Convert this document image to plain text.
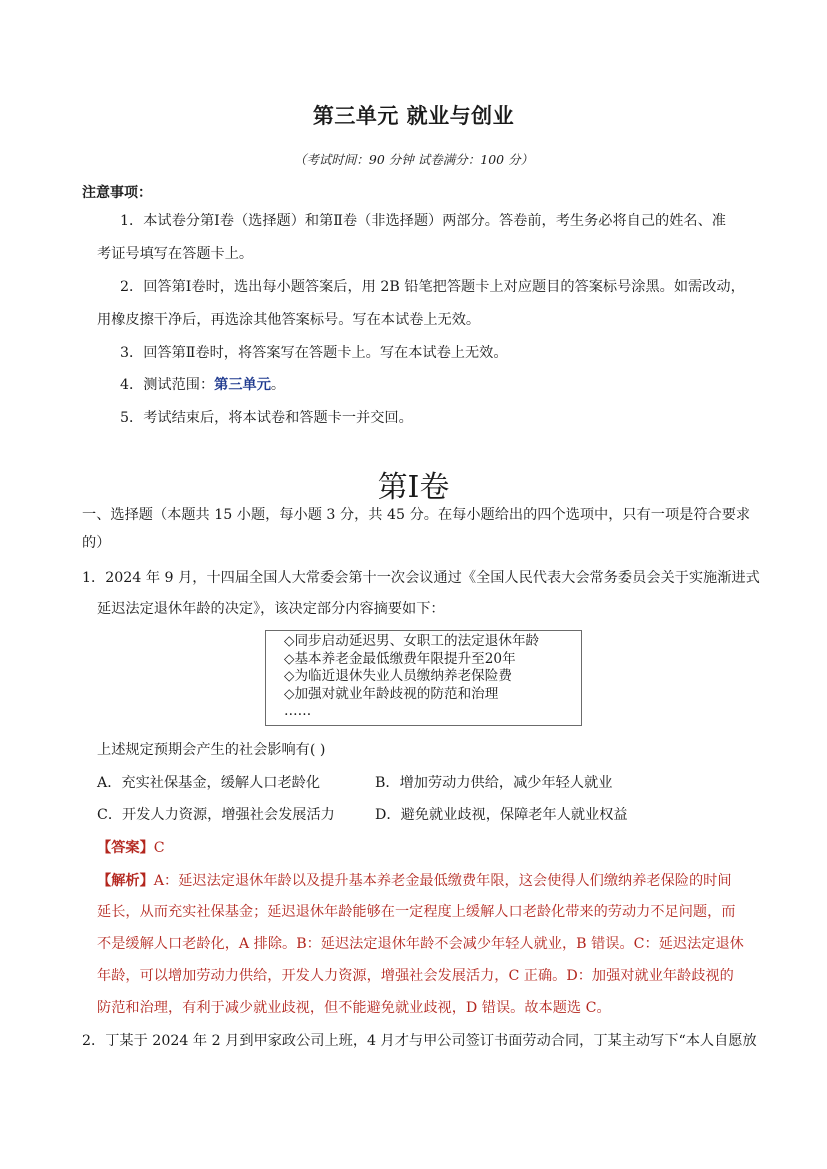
第三单元 就业与创业
（考试时间：90 分钟 试卷满分：100 分）
注意事项：
1．本试卷分第Ⅰ卷（选择题）和第Ⅱ卷（非选择题）两部分。答卷前，考生务必将自己的姓名、准
考证号填写在答题卡上。
2．回答第Ⅰ卷时，选出每小题答案后，用 2B 铅笔把答题卡上对应题目的答案标号涂黑。如需改动，
用橡皮擦干净后，再选涂其他答案标号。写在本试卷上无效。
3．回答第Ⅱ卷时，将答案写在答题卡上。写在本试卷上无效。
4．测试范围：第三单元。
5．考试结束后，将本试卷和答题卡一并交回。
第I卷
一、选择题（本题共 15 小题，每小题 3 分，共 45 分。在每小题给出的四个选项中，只有一项是符合要求
的）
1．2024 年 9 月，十四届全国人大常委会第十一次会议通过《全国人民代表大会常务委员会关于实施渐进式
延迟法定退休年龄的决定》，该决定部分内容摘要如下：
◇同步启动延迟男、女职工的法定退休年龄
◇基本养老金最低缴费年限提升至20年
◇为临近退休失业人员缴纳养老保险费
◇加强对就业年龄歧视的防范和治理
……
上述规定预期会产生的社会影响有( )
A．充实社保基金，缓解人口老龄化	B．增加劳动力供给，减少年轻人就业
C．开发人力资源，增强社会发展活力	D．避免就业歧视，保障老年人就业权益
【答案】C
【解析】A：延迟法定退休年龄以及提升基本养老金最低缴费年限，这会使得人们缴纳养老保险的时间
延长，从而充实社保基金；延迟退休年龄能够在一定程度上缓解人口老龄化带来的劳动力不足问题，而
不是缓解人口老龄化，A 排除。B：延迟法定退休年龄不会减少年轻人就业，B 错误。C：延迟法定退休
年龄，可以增加劳动力供给，开发人力资源，增强社会发展活力，C 正确。D：加强对就业年龄歧视的
防范和治理，有利于减少就业歧视，但不能避免就业歧视，D 错误。故本题选 C。
2．丁某于 2024 年 2 月到甲家政公司上班，4 月才与甲公司签订书面劳动合同，丁某主动写下“本人自愿放
